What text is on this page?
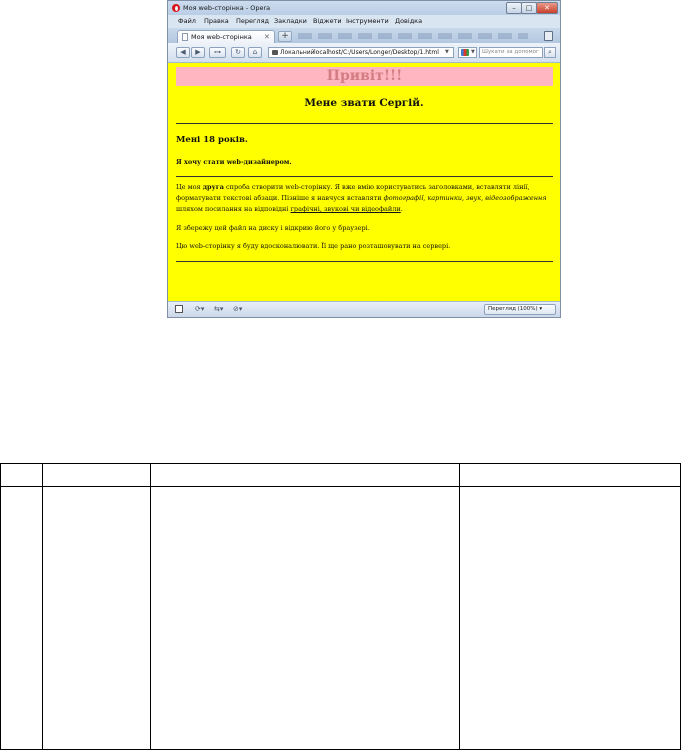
Моя web-сторінка - Opera	–	□	✕
Файл Правка Перегляд Закладки Віджети Інструменти Довідка
Моя web-сторінка ✕	+
◀	▶	⊶	↻	⌂	Локальний localhost/C:/Users/Longer/Desktop/1.html ▼	▼	Шукати за допомог	⌕
Привіт!!!
Мене звати Сергій.
Мені 18 років.
Я хочу стати web-дизайнером.
Це моя друга спроба створити web-сторінку. Я вже вмію користуватись заголовками, вставляти лінії, форматувати текстові абзаци. Пізніше я навчуся вставляти фотографії, картинки, звук, відеозображення шляхом посилання на відповідні графічні, звукові чи відеофайли.
Я збережу цей файл на диску і відкрию його у браузері.
Цю web-сторінку я буду вдосконалювати. Її ще рано розташовувати на сервері.
⟳▾ ⇆▾ ⊘▾	Перегляд (100%) ▾
